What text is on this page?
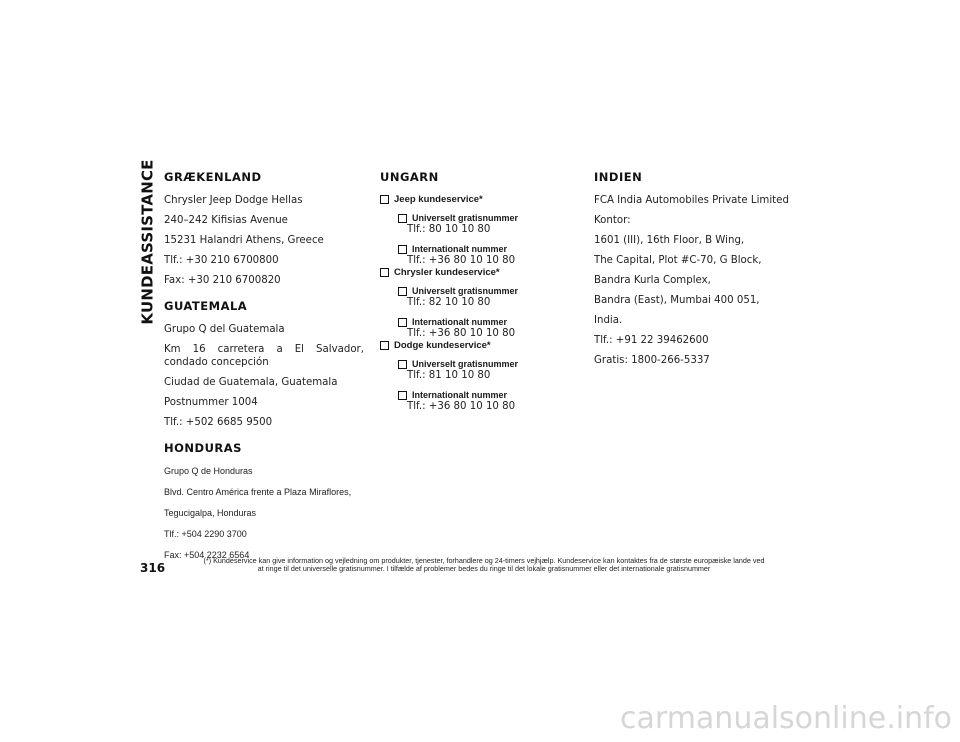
KUNDEASSISTANCE GRÆKENLAND

Chrysler Jeep Dodge Hellas

240–242 Kifisias Avenue

15231 Halandri Athens, Greece

Tlf.: +30 210 6700800

Fax: +30 210 6700820

GUATEMALA

Grupo Q del Guatemala

Km 16 carretera a El Salvador, condado concepción

Ciudad de Guatemala, Guatemala

Postnummer 1004

Tlf.: +502 6685 9500

HONDURAS

Grupo Q de Honduras

Blvd. Centro América frente a Plaza Miraflores,

Tegucigalpa, Honduras

Tlf.: +504 2290 3700

Fax: +504 2232 6564

UNGARN
Jeep kundeservice*
Universelt gratisnummer
Tlf.: 80 10 10 80
Internationalt nummer
Tlf.: +36 80 10 10 80
Chrysler kundeservice*
Universelt gratisnummer
Tlf.: 82 10 10 80
Internationalt nummer
Tlf.: +36 80 10 10 80
Dodge kundeservice*
Universelt gratisnummer
Tlf.: 81 10 10 80
Internationalt nummer
Tlf.: +36 80 10 10 80
INDIEN

FCA India Automobiles Private Limited

Kontor:

1601 (III), 16th Floor, B Wing,

The Capital, Plot #C-70, G Block,

Bandra Kurla Complex,

Bandra (East), Mumbai 400 051,

India.

Tlf.: +91 22 39462600

Gratis: 1800-266-5337

316
(*) Kundeservice kan give information og vejledning om produkter, tjenester, forhandlere og 24-timers vejhjælp. Kundeservice kan kontaktes fra de største europæiske lande ved
at ringe til det universelle gratisnummer. I tilfælde af problemer bedes du ringe til det lokale gratisnummer eller det internationale gratisnummer
carmanualsonline.info
